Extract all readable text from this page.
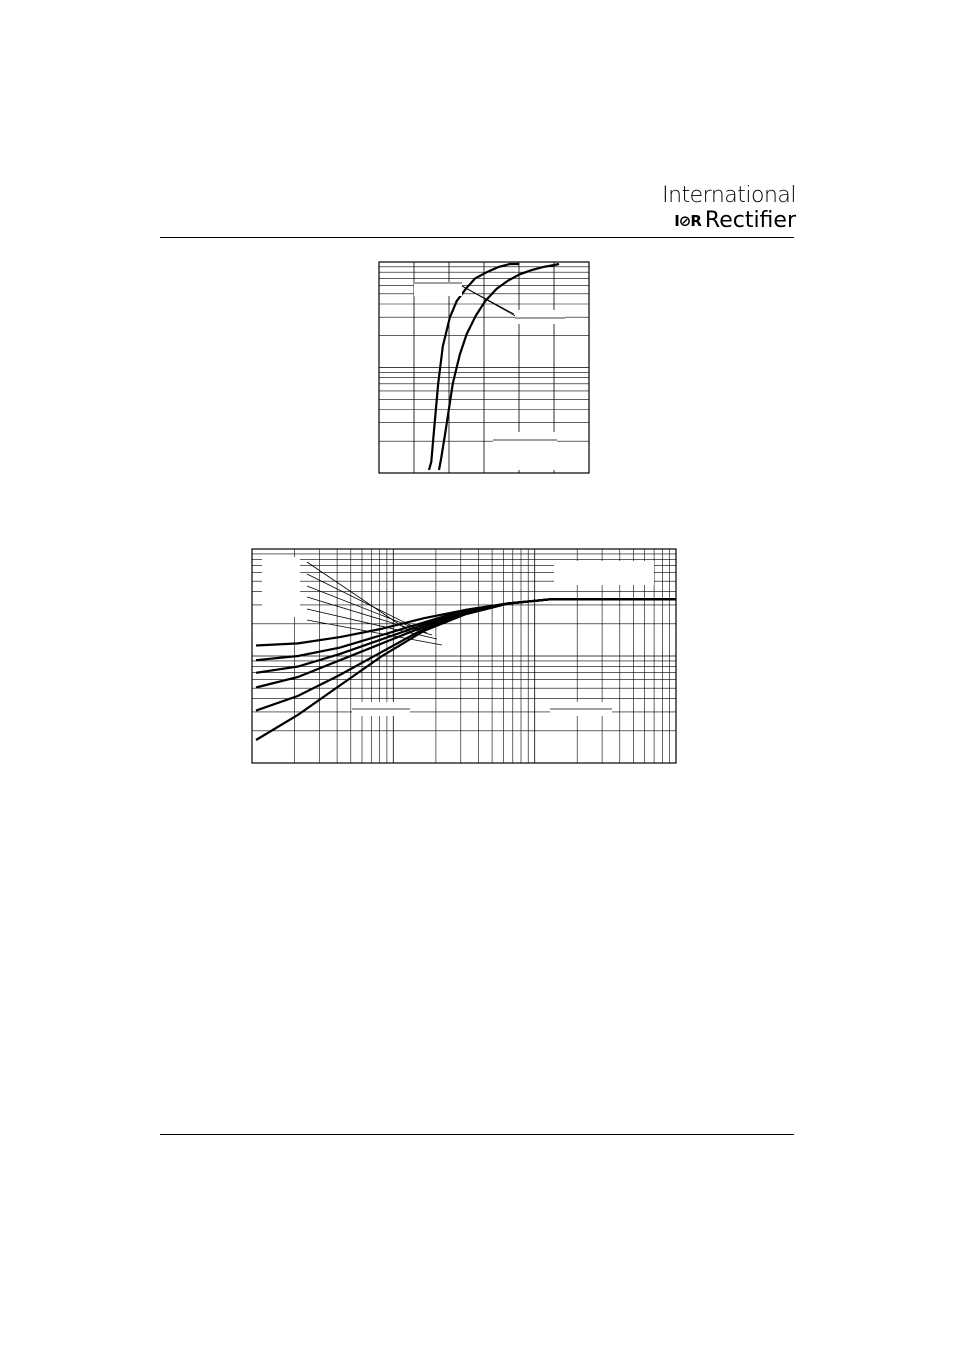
International
I⊘R Rectifier
